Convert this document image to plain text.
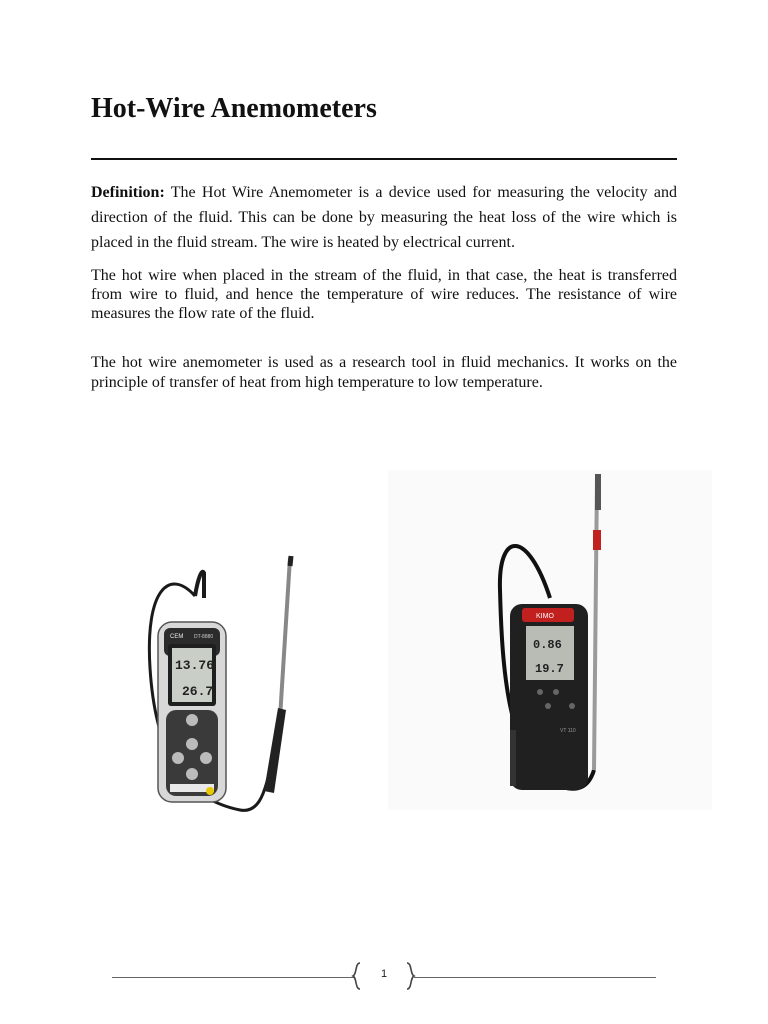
Hot-Wire Anemometers

Definition: The Hot Wire Anemometer is a device used for measuring the velocity and direction of the fluid. This can be done by measuring the heat loss of the wire which is placed in the fluid stream. The wire is heated by electrical current.

The hot wire when placed in the stream of the fluid, in that case, the heat is transferred from wire to fluid, and hence the temperature of wire reduces. The resistance of wire measures the flow rate of the fluid.

The hot wire anemometer is used as a research tool in fluid mechanics. It works on the principle of transfer of heat from high temperature to low temperature.

CEM DT-8880
13.76
26.7
KIMO
0.86
19.7
VT 110
1
